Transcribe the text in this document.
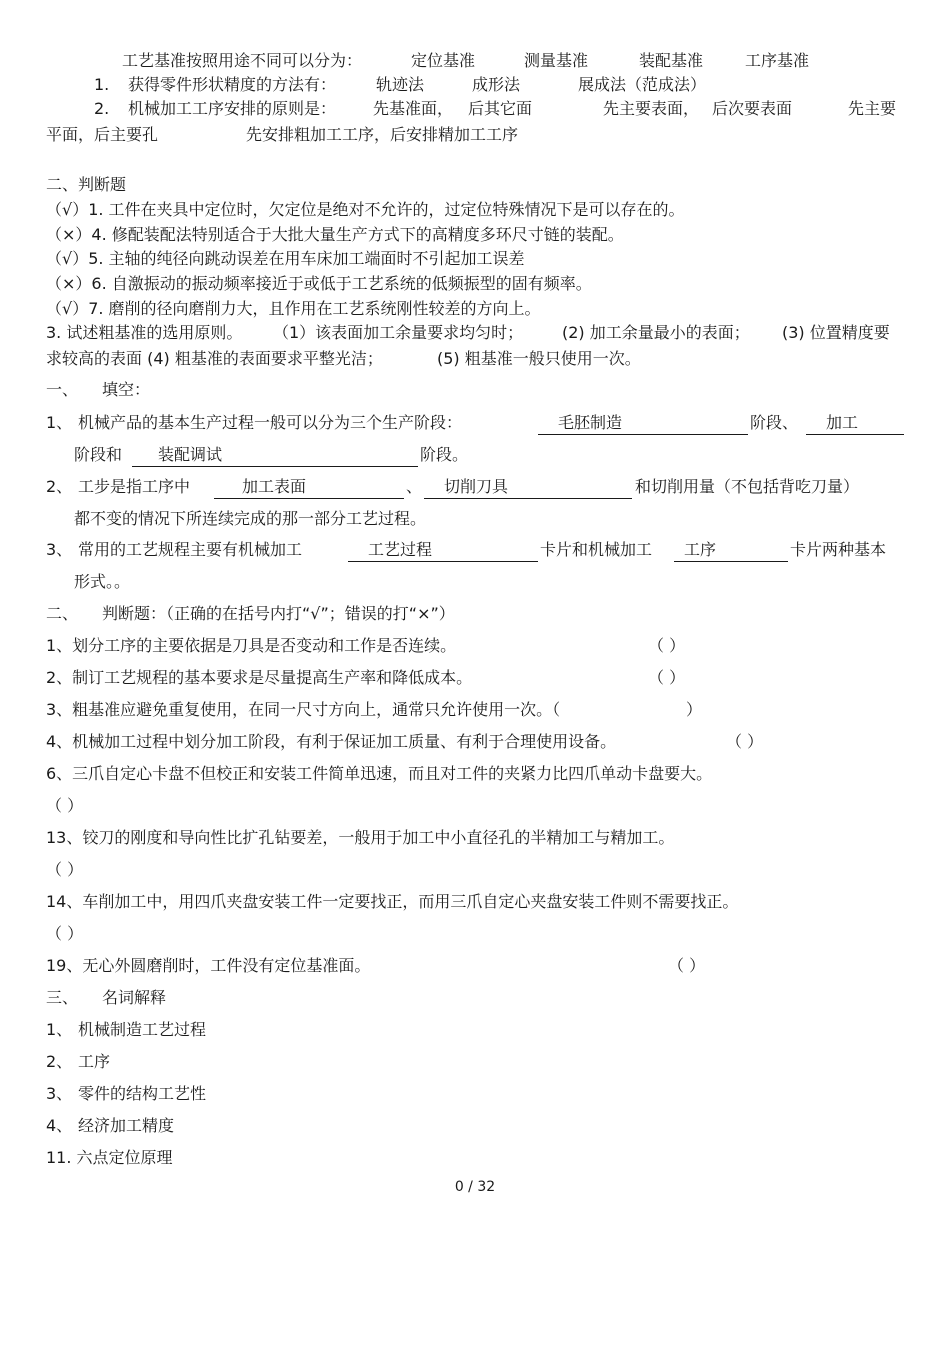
工艺基准按照用途不同可以分为：	定位基准	测量基准	装配基准	工序基准
1. 获得零件形状精度的方法有： 轨迹法	成形法	展成法（范成法）
2. 机械加工工序安排的原则是： 先基准面， 后其它面	先主要表面， 后次要表面	先主要
平面，后主要孔	先安排粗加工工序，后安排精加工工序
二、判断题
（√）1. 工件在夹具中定位时，欠定位是绝对不允许的，过定位特殊情况下是可以存在的。
（×）4. 修配装配法特别适合于大批大量生产方式下的高精度多环尺寸链的装配。
（√）5. 主轴的纯径向跳动误差在用车床加工端面时不引起加工误差
（×）6. 自激振动的振动频率接近于或低于工艺系统的低频振型的固有频率。
（√）7. 磨削的径向磨削力大，且作用在工艺系统刚性较差的方向上。
3. 试述粗基准的选用原则。 （1）该表面加工余量要求均匀时； (2) 加工余量最小的表面； (3) 位置精度要
求较高的表面 (4) 粗基准的表面要求平整光洁；	(5) 粗基准一般只使用一次。
一、 填空：
1、 机械产品的基本生产过程一般可以分为三个生产阶段：	毛胚制造	阶段、	加工
阶段和	装配调试	阶段。
2、 工步是指工序中	加工表面	、	切削刀具	和切削用量（不包括背吃刀量）
都不变的情况下所连续完成的那一部分工艺过程。
3、 常用的工艺规程主要有机械加工	工艺过程	卡片和机械加工	工序	卡片两种基本
形式。。
二、 判断题：（正确的在括号内打“√”；错误的打“×”）
1、划分工序的主要依据是刀具是否变动和工作是否连续。	（ ）
2、制订工艺规程的基本要求是尽量提高生产率和降低成本。	（ ）
3、粗基准应避免重复使用，在同一尺寸方向上，通常只允许使用一次。（	）
4、机械加工过程中划分加工阶段，有利于保证加工质量、有利于合理使用设备。	（ ）
6、三爪自定心卡盘不但校正和安装工件简单迅速，而且对工件的夹紧力比四爪单动卡盘要大。
（ ）
13、铰刀的刚度和导向性比扩孔钻要差，一般用于加工中小直径孔的半精加工与精加工。
（ ）
14、车削加工中，用四爪夹盘安装工件一定要找正，而用三爪自定心夹盘安装工件则不需要找正。
（ ）
19、无心外圆磨削时，工件没有定位基准面。	（ ）
三、 名词解释
1、 机械制造工艺过程
2、 工序
3、 零件的结构工艺性
4、 经济加工精度
11. 六点定位原理
0 / 32
